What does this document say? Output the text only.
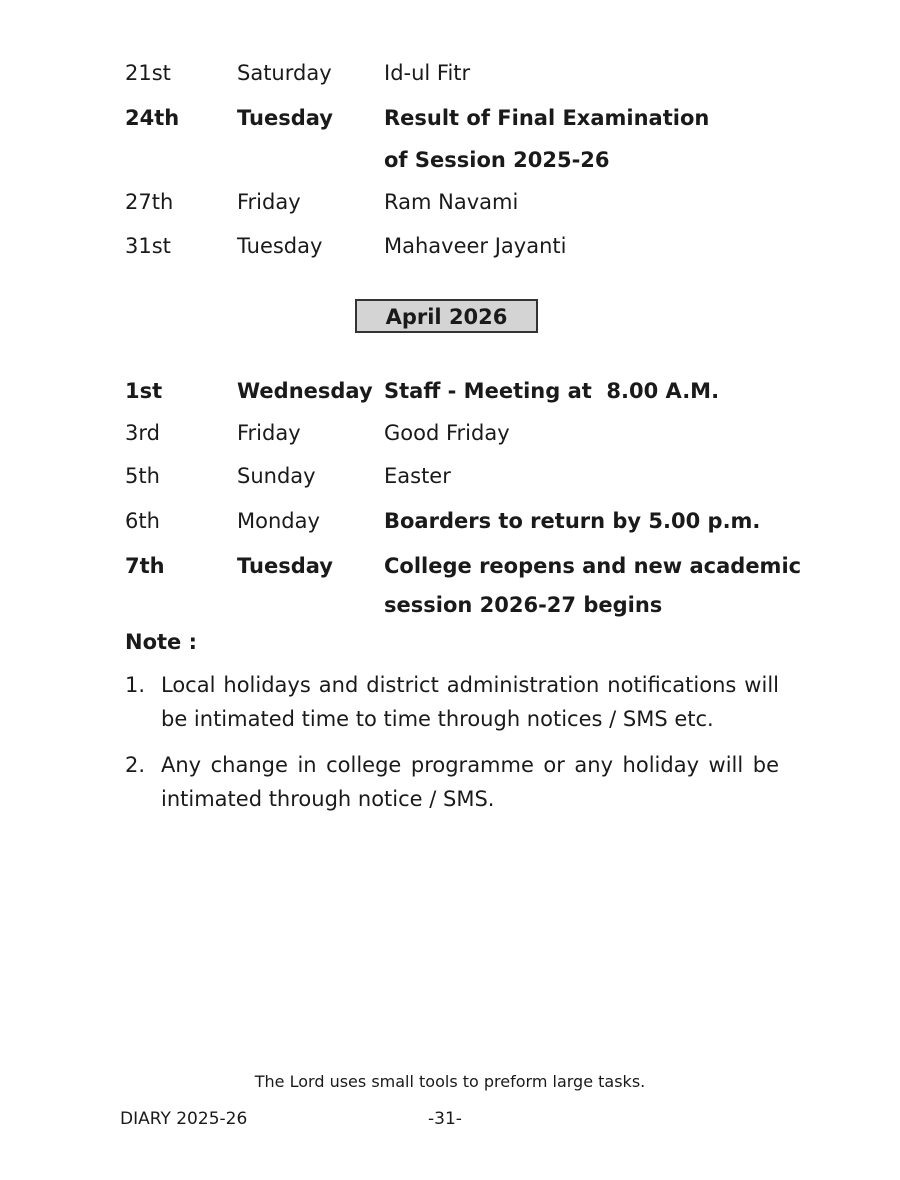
21st	Saturday Id-ul Fitr
24th	Tuesday Result of Final Examination
of Session 2025-26
27th	Friday	Ram Navami
31st	Tuesday	Mahaveer Jayanti
April 2026
1st	Wednesday Staff - Meeting at  8.00 A.M.
3rd	Friday	Good Friday
5th	Sunday	Easter
6th	Monday	Boarders to return by 5.00 p.m.
7th	Tuesday College reopens and new academic
session 2026-27 begins
Note :
1. Local holidays and district administration notifications will be intimated time to time through notices / SMS etc.
2. Any change in college programme or any holiday will be intimated through notice / SMS.
The Lord uses small tools to preform large tasks.
DIARY 2025-26	-31-
